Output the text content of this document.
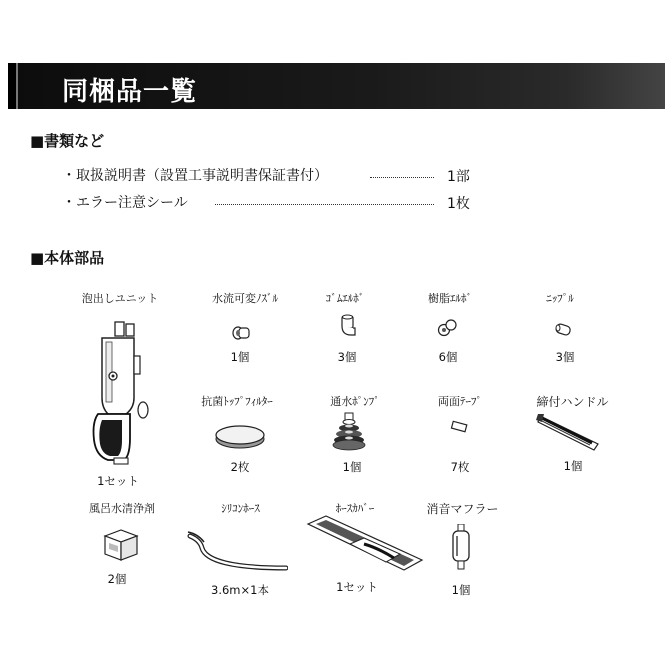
同梱品一覧
■書類など
・取扱説明書（設置工事説明書保証書付）	1部
・エラー注意シール	1枚
■本体部品
泡出しユニット
1セット
水流可変ﾉｽﾞﾙ
1個
ｺﾞﾑｴﾙﾎﾞ
3個
樹脂ｴﾙﾎﾞ
6個
ﾆｯﾌﾟﾙ
3個
抗菌ﾄｯﾌﾟﾌｨﾙﾀｰ
2枚
通水ﾎﾟﾝﾌﾟ
1個
両面ﾃｰﾌﾟ
7枚
締付ハンドル
1個
風呂水清浄剤
2個
ｼﾘｺﾝﾎｰｽ
3.6m×1本
ﾎｰｽｶﾊﾞｰ
1セット
消音マフラー
1個
